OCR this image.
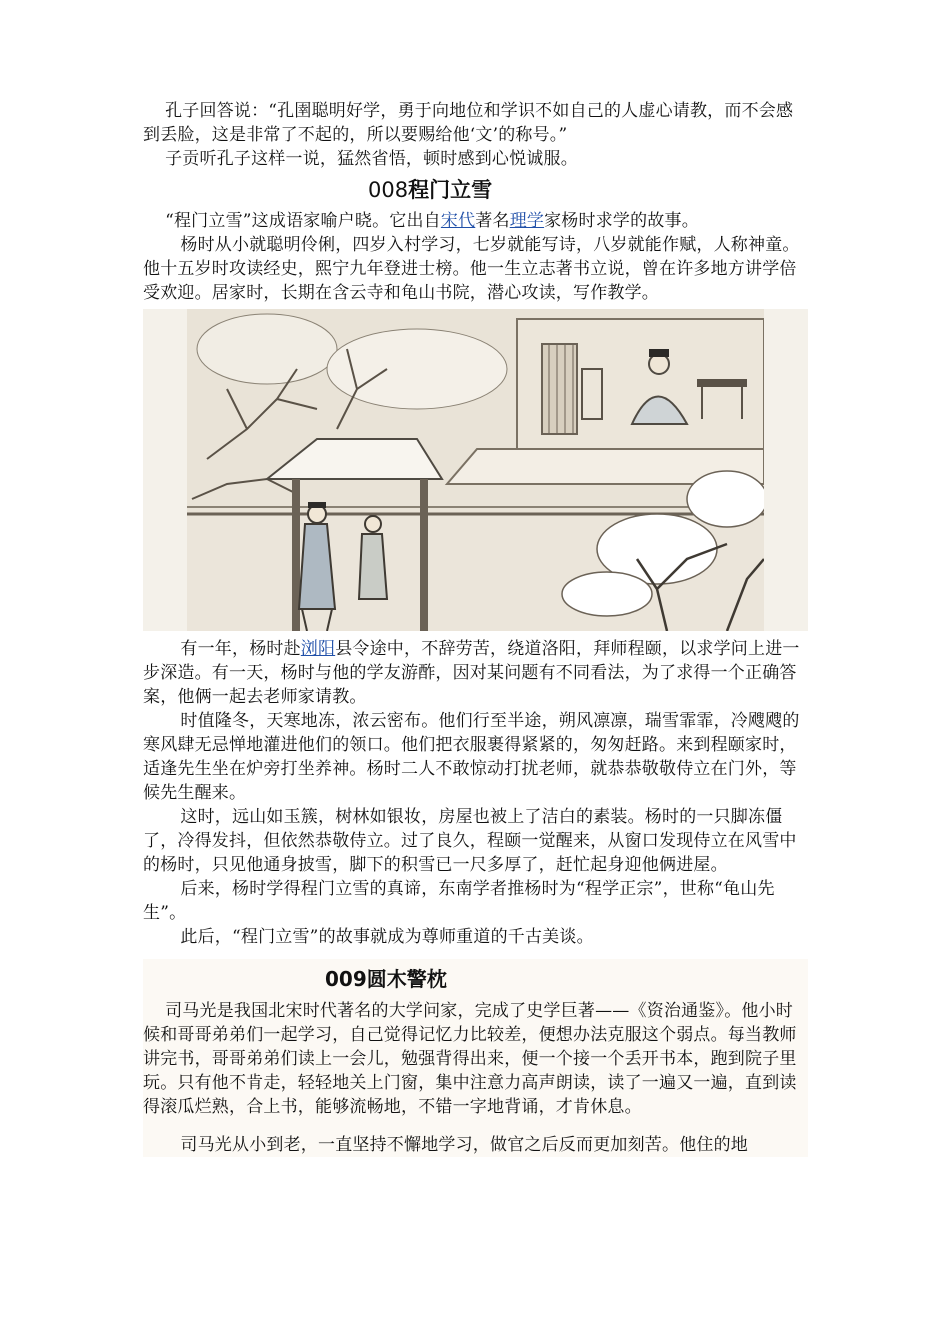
孔子回答说：“孔圉聪明好学，勇于向地位和学识不如自己的人虚心请教，而不会感到丢脸，这是非常了不起的，所以要赐给他‘文’的称号。”

子贡听孔子这样一说，猛然省悟，顿时感到心悦诚服。

008程门立雪

“程门立雪”这成语家喻户晓。它出自宋代著名理学家杨时求学的故事。

杨时从小就聪明伶俐，四岁入村学习，七岁就能写诗，八岁就能作赋，人称神童。他十五岁时攻读经史，熙宁九年登进士榜。他一生立志著书立说，曾在许多地方讲学倍受欢迎。居家时，长期在含云寺和龟山书院，潜心攻读，写作教学。

有一年，杨时赴浏阳县令途中，不辞劳苦，绕道洛阳，拜师程颐，以求学问上进一步深造。有一天，杨时与他的学友游酢，因对某问题有不同看法，为了求得一个正确答案，他俩一起去老师家请教。

时值隆冬，天寒地冻，浓云密布。他们行至半途，朔风凛凛，瑞雪霏霏，冷飕飕的寒风肆无忌惮地灌进他们的领口。他们把衣服裹得紧紧的，匆匆赶路。来到程颐家时，适逢先生坐在炉旁打坐养神。杨时二人不敢惊动打扰老师，就恭恭敬敬侍立在门外，等候先生醒来。

这时，远山如玉簇，树林如银妆，房屋也被上了洁白的素装。杨时的一只脚冻僵了，冷得发抖，但依然恭敬侍立。过了良久，程颐一觉醒来，从窗口发现侍立在风雪中的杨时，只见他通身披雪，脚下的积雪已一尺多厚了，赶忙起身迎他俩进屋。

后来，杨时学得程门立雪的真谛，东南学者推杨时为“程学正宗”，世称“龟山先生”。

此后，“程门立雪”的故事就成为尊师重道的千古美谈。

009圆木警枕

司马光是我国北宋时代著名的大学问家，完成了史学巨著——《资治通鉴》。他小时候和哥哥弟弟们一起学习，自己觉得记忆力比较差，便想办法克服这个弱点。每当教师讲完书，哥哥弟弟们读上一会儿，勉强背得出来，便一个接一个丢开书本，跑到院子里玩。只有他不肯走，轻轻地关上门窗，集中注意力高声朗读，读了一遍又一遍，直到读得滚瓜烂熟，合上书，能够流畅地，不错一字地背诵，才肯休息。

司马光从小到老，一直坚持不懈地学习，做官之后反而更加刻苦。他住的地
